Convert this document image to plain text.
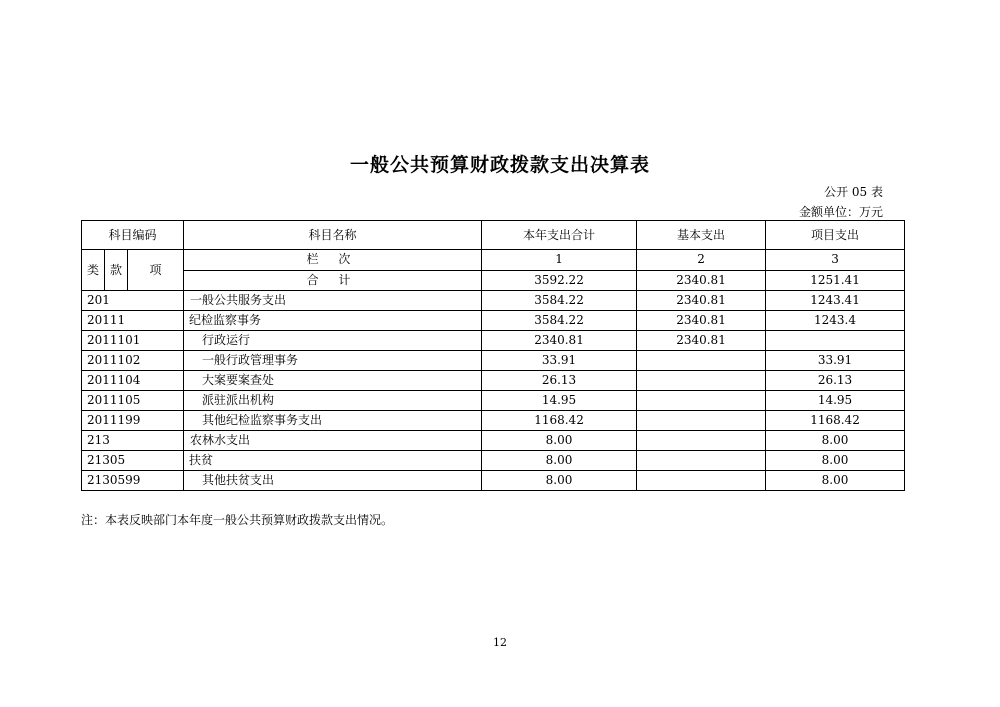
一般公共预算财政拨款支出决算表
公开 05 表
金额单位：万元
科目编码			科目名称	本年支出合计	基本支出	项目支出
类	款	项	栏 次	1	2	3
			合 计	3592.22	2340.81	1251.41
201			一般公共服务支出	3584.22	2340.81	1243.41
20111			纪检监察事务	3584.22	2340.81	1243.4
2011101			行政运行	2340.81	2340.81	
2011102			一般行政管理事务	33.91		33.91
2011104			大案要案查处	26.13		26.13
2011105			派驻派出机构	14.95		14.95
2011199			其他纪检监察事务支出	1168.42		1168.42
213			农林水支出	8.00		8.00
21305			扶贫	8.00		8.00
2130599			其他扶贫支出	8.00		8.00
注：本表反映部门本年度一般公共预算财政拨款支出情况。
12
